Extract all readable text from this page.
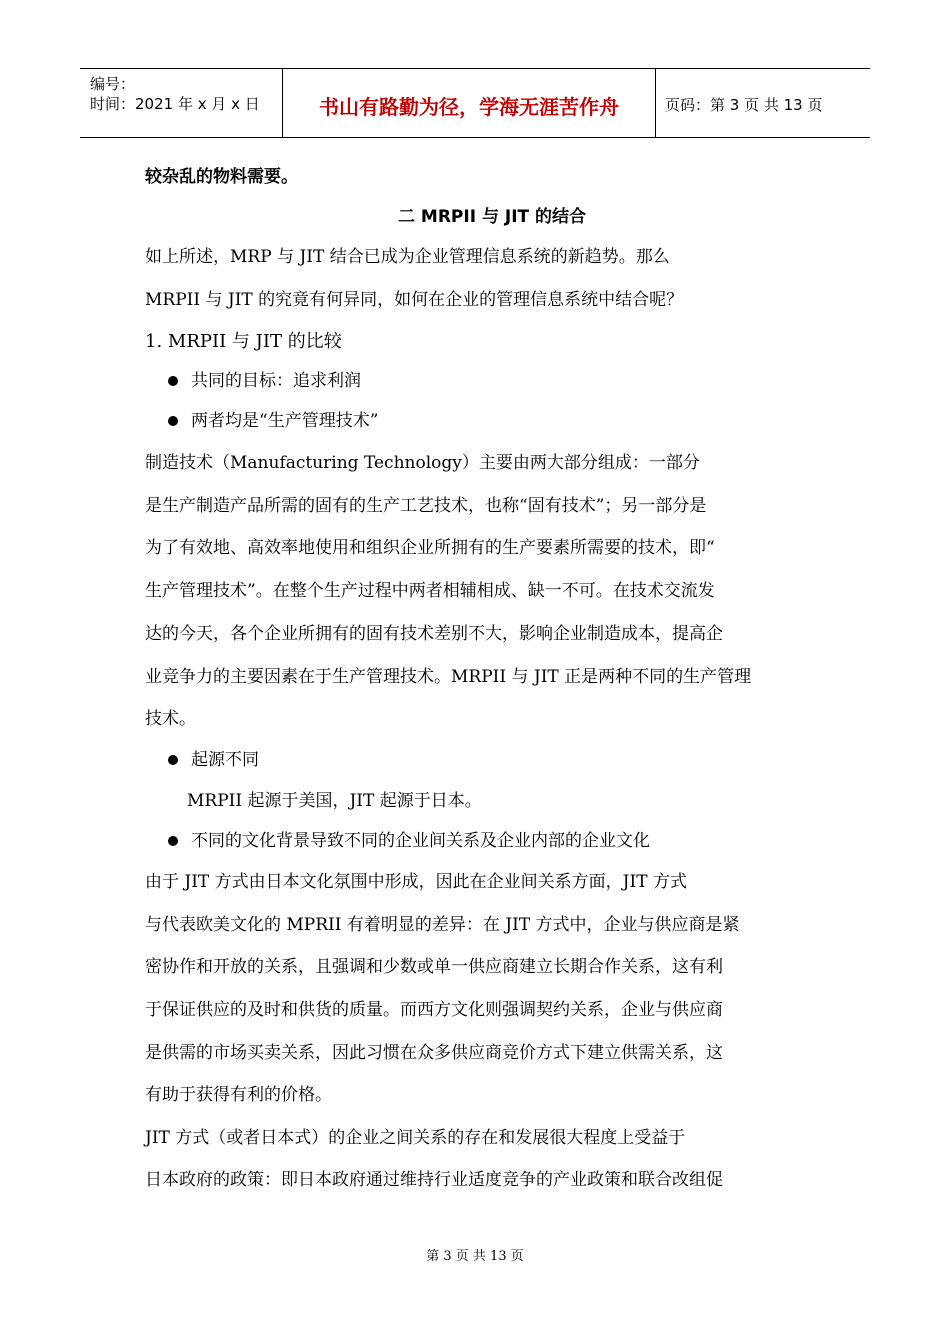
编号：
时间：2021 年 x 月 x 日	书山有路勤为径，学海无涯苦作舟	页码：第 3 页 共 13 页
较杂乱的物料需要。
二 MRPII 与 JIT 的结合
如上所述，MRP 与 JIT 结合已成为企业管理信息系统的新趋势。那么
MRPII 与 JIT 的究竟有何异同，如何在企业的管理信息系统中结合呢？
1. MRPII 与 JIT 的比较
共同的目标：追求利润
两者均是“生产管理技术”
制造技术（Manufacturing Technology）主要由两大部分组成：一部分
是生产制造产品所需的固有的生产工艺技术，也称“固有技术”；另一部分是
为了有效地、高效率地使用和组织企业所拥有的生产要素所需要的技术，即“
生产管理技术”。在整个生产过程中两者相辅相成、缺一不可。在技术交流发
达的今天，各个企业所拥有的固有技术差别不大，影响企业制造成本，提高企
业竞争力的主要因素在于生产管理技术。MRPII 与 JIT 正是两种不同的生产管理
技术。
起源不同
MRPII 起源于美国，JIT 起源于日本。
不同的文化背景导致不同的企业间关系及企业内部的企业文化
由于 JIT 方式由日本文化氛围中形成，因此在企业间关系方面，JIT 方式
与代表欧美文化的 MPRII 有着明显的差异：在 JIT 方式中，企业与供应商是紧
密协作和开放的关系，且强调和少数或单一供应商建立长期合作关系，这有利
于保证供应的及时和供货的质量。而西方文化则强调契约关系，企业与供应商
是供需的市场买卖关系，因此习惯在众多供应商竞价方式下建立供需关系，这
有助于获得有利的价格。
JIT 方式（或者日本式）的企业之间关系的存在和发展很大程度上受益于
日本政府的政策：即日本政府通过维持行业适度竞争的产业政策和联合改组促
第 3 页 共 13 页
